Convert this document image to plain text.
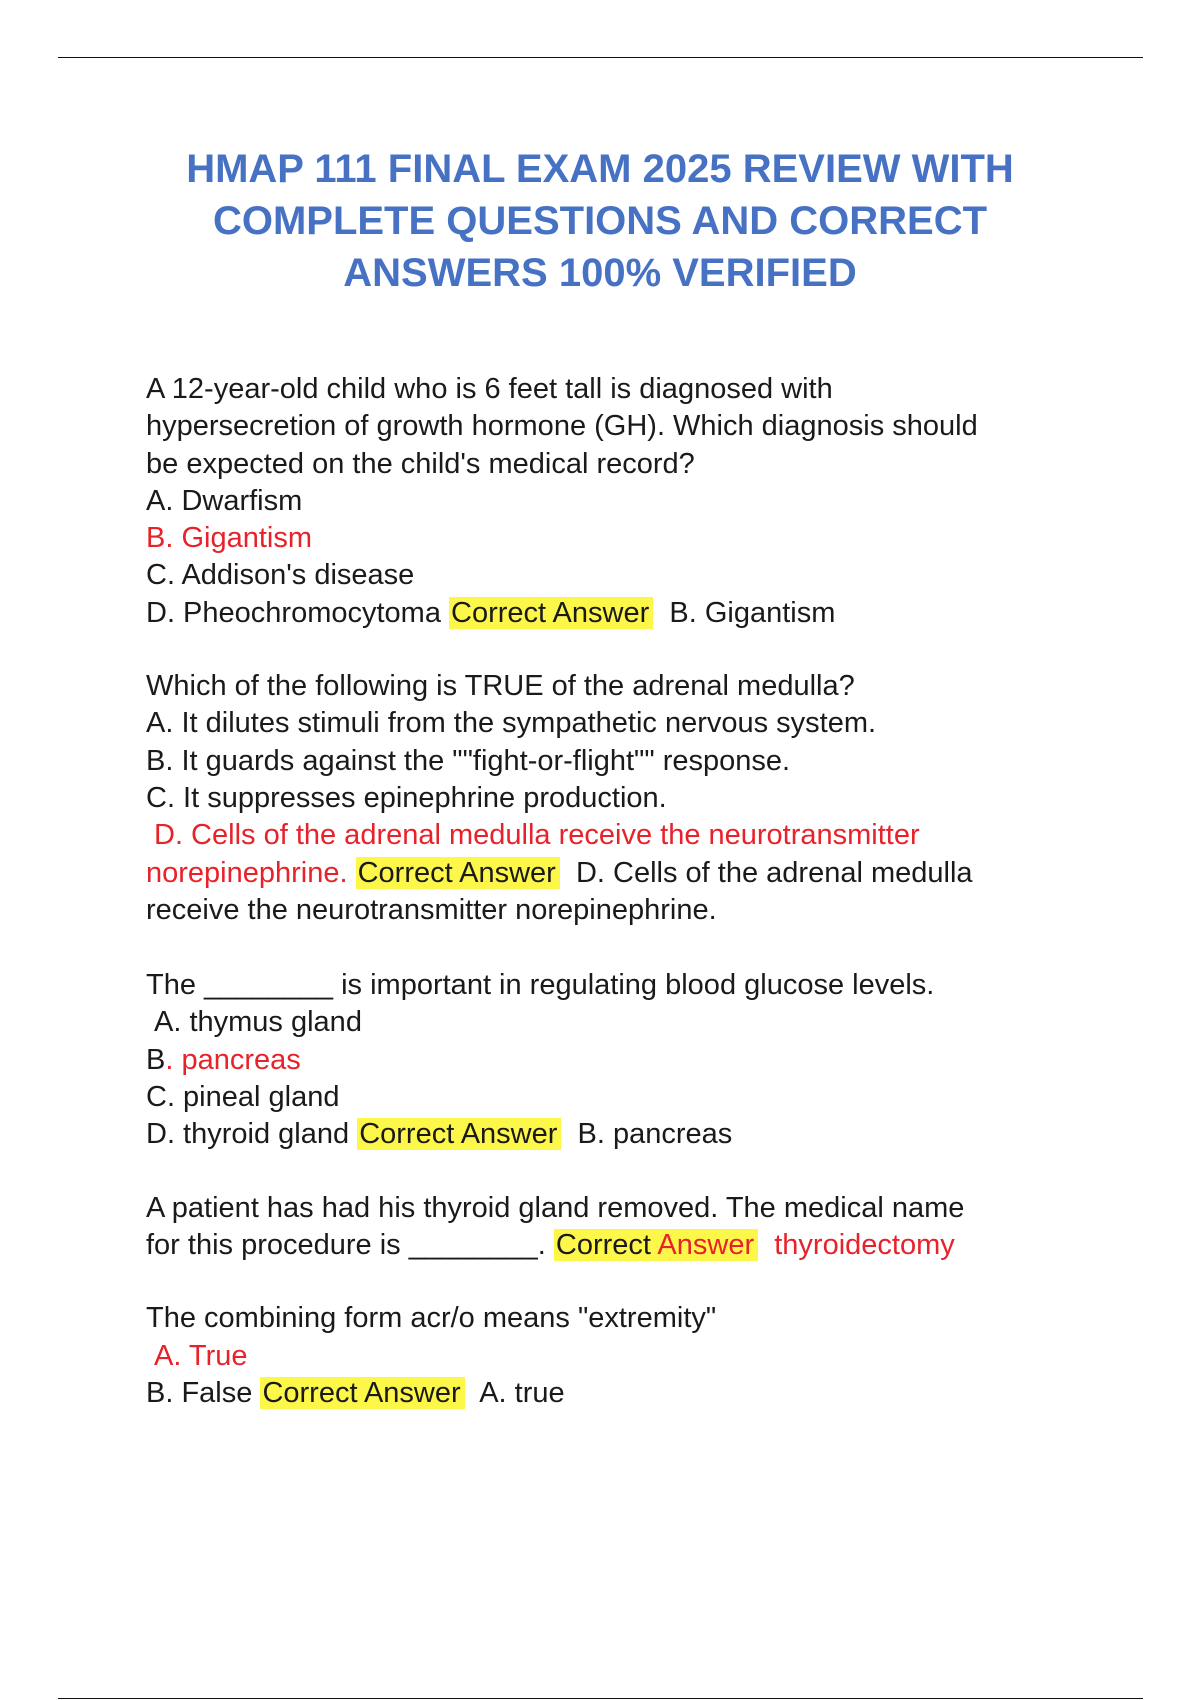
HMAP 111 FINAL EXAM 2025 REVIEW WITH
COMPLETE QUESTIONS AND CORRECT
ANSWERS 100% VERIFIED
A 12-year-old child who is 6 feet tall is diagnosed with
hypersecretion of growth hormone (GH). Which diagnosis should
be expected on the child's medical record?
A. Dwarfism
B. Gigantism
C. Addison's disease
D. Pheochromocytoma Correct Answer B. Gigantism
Which of the following is TRUE of the adrenal medulla?
A. It dilutes stimuli from the sympathetic nervous system.
B. It guards against the ""fight-or-flight"" response.
C. It suppresses epinephrine production.
D. Cells of the adrenal medulla receive the neurotransmitter
norepinephrine. Correct Answer D. Cells of the adrenal medulla
receive the neurotransmitter norepinephrine.
The ________ is important in regulating blood glucose levels.
A. thymus gland
B. pancreas
C. pineal gland
D. thyroid gland Correct Answer B. pancreas
A patient has had his thyroid gland removed. The medical name
for this procedure is ________. Correct Answer thyroidectomy
The combining form acr/o means "extremity"
A. True
B. False Correct Answer A. true
